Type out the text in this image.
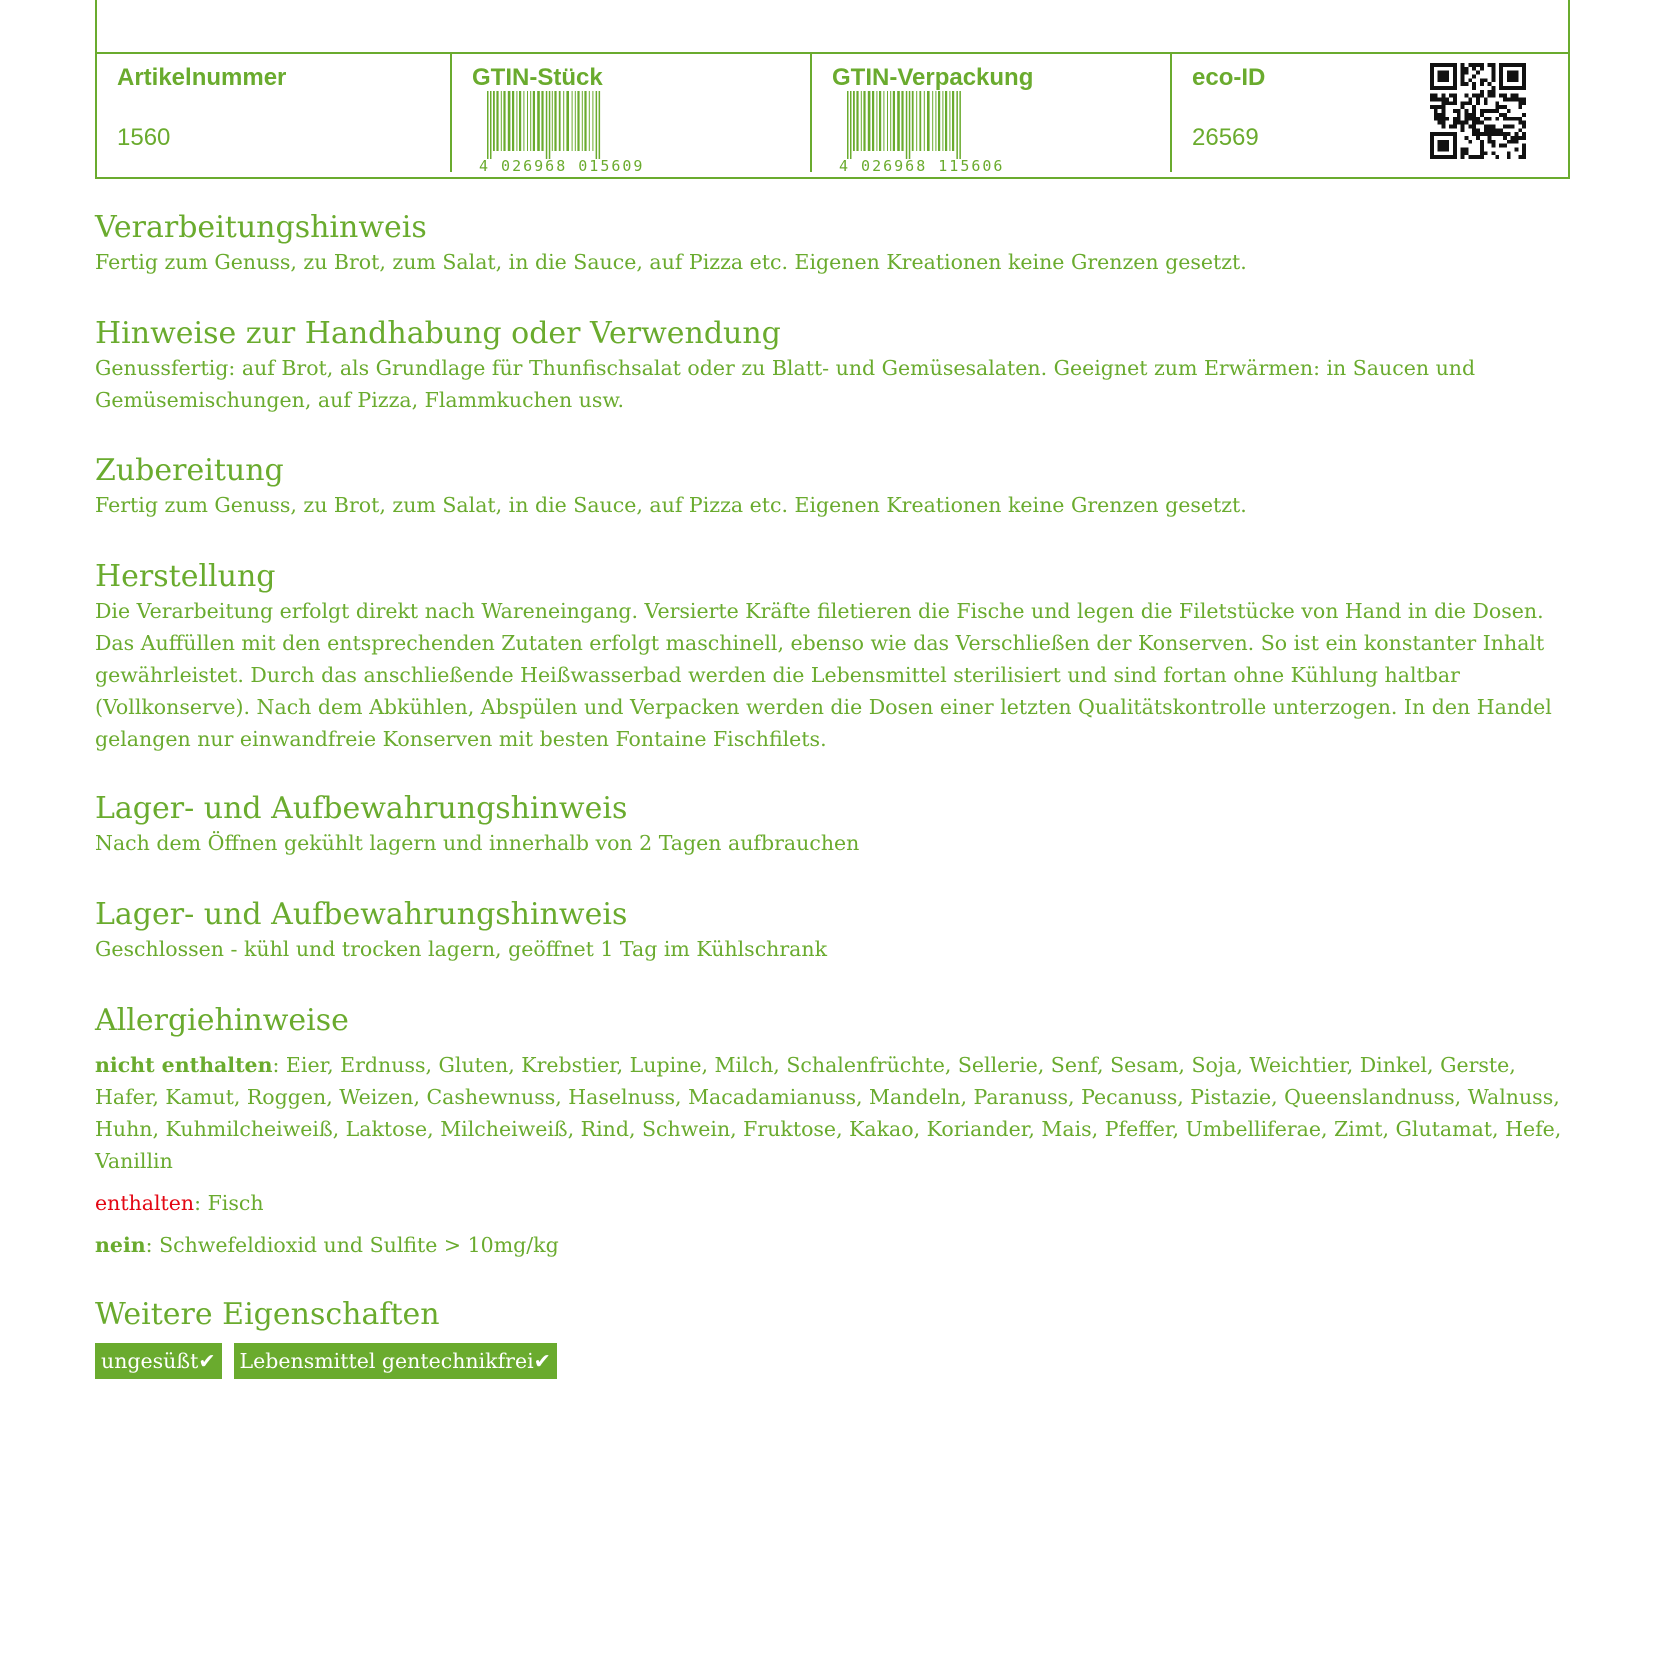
Artikelnummer
1560
GTIN-Stück
4 026968 015609
GTIN-Verpackung
4 026968 115606
eco-ID
26569
Verarbeitungshinweis

Fertig zum Genuss, zu Brot, zum Salat, in die Sauce, auf Pizza etc. Eigenen Kreationen keine Grenzen gesetzt.

Hinweise zur Handhabung oder Verwendung

Genussfertig: auf Brot, als Grundlage für Thunfischsalat oder zu Blatt- und Gemüsesalaten. Geeignet zum Erwärmen: in Saucen und Gemüsemischungen, auf Pizza, Flammkuchen usw.

Zubereitung

Fertig zum Genuss, zu Brot, zum Salat, in die Sauce, auf Pizza etc. Eigenen Kreationen keine Grenzen gesetzt.

Herstellung

Die Verarbeitung erfolgt direkt nach Wareneingang. Versierte Kräfte filetieren die Fische und legen die Filetstücke von Hand in die Dosen. Das Auffüllen mit den entsprechenden Zutaten erfolgt maschinell, ebenso wie das Verschließen der Konserven. So ist ein konstanter Inhalt gewährleistet. Durch das anschließende Heißwasserbad werden die Lebensmittel sterilisiert und sind fortan ohne Kühlung haltbar (Vollkonserve). Nach dem Abkühlen, Abspülen und Verpacken werden die Dosen einer letzten Qualitätskontrolle unterzogen. In den Handel gelangen nur einwandfreie Konserven mit besten Fontaine Fischfilets.

Lager- und Aufbewahrungshinweis

Nach dem Öffnen gekühlt lagern und innerhalb von 2 Tagen aufbrauchen

Lager- und Aufbewahrungshinweis

Geschlossen - kühl und trocken lagern, geöffnet 1 Tag im Kühlschrank

Allergiehinweise

nicht enthalten: Eier, Erdnuss, Gluten, Krebstier, Lupine, Milch, Schalenfrüchte, Sellerie, Senf, Sesam, Soja, Weichtier, Dinkel, Gerste, Hafer, Kamut, Roggen, Weizen, Cashewnuss, Haselnuss, Macadamianuss, Mandeln, Paranuss, Pecanuss, Pistazie, Queenslandnuss, Walnuss, Huhn, Kuhmilcheiweiß, Laktose, Milcheiweiß, Rind, Schwein, Fruktose, Kakao, Koriander, Mais, Pfeffer, Umbelliferae, Zimt, Glutamat, Hefe, Vanillin

enthalten: Fisch

nein: Schwefeldioxid und Sulfite > 10mg/kg

Weitere Eigenschaften
ungesüßt✔ Lebensmittel gentechnikfrei✔
